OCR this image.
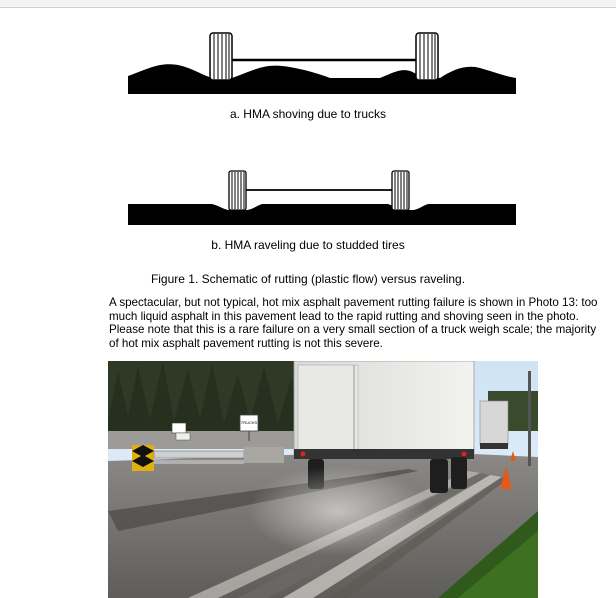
a. HMA shoving due to trucks
b. HMA raveling due to studded tires
Figure 1. Schematic of rutting (plastic flow) versus raveling.
A spectacular, but not typical, hot mix asphalt pavement rutting failure is shown in Photo 13: too much liquid asphalt in this pavement lead to the rapid rutting and shoving seen in the photo. Please note that this is a rare failure on a very small section of a truck weigh scale; the majority of hot mix asphalt pavement rutting is not this severe.
TRUCKS
